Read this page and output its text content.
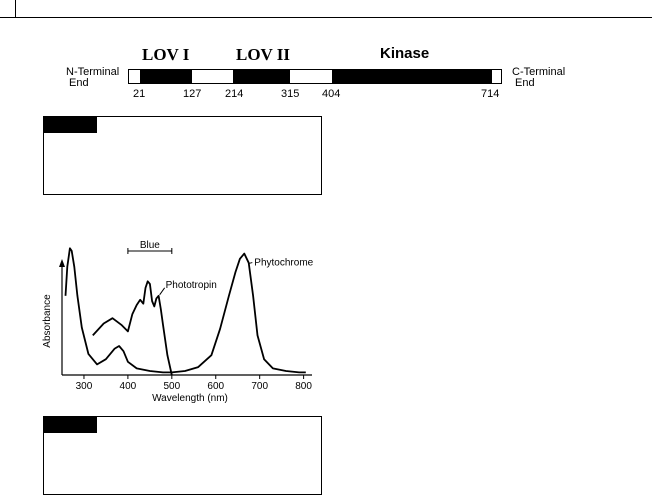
LOV I	LOV II	Kinase
N-Terminal
End
C-Terminal
End
21	127 214	315 404	714
300	400	500	600	700	800
Wavelength (nm)
Absorbance
Blue
Phototropin
Phytochrome
